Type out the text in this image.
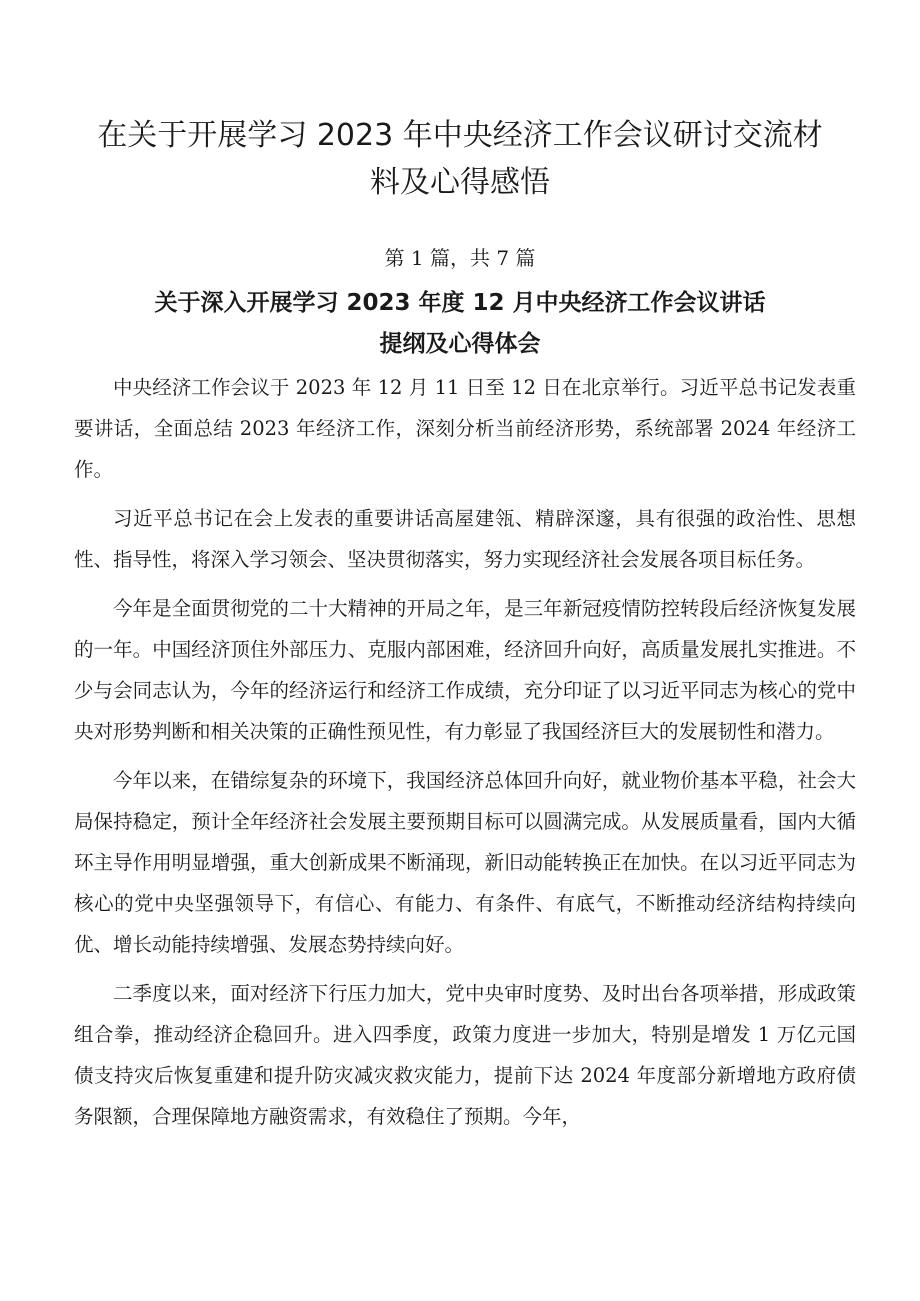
在关于开展学习 2023 年中央经济工作会议研讨交流材
料及心得感悟
第 1 篇，共 7 篇
关于深入开展学习 2023 年度 12 月中央经济工作会议讲话
提纲及心得体会

中央经济工作会议于 2023 年 12 月 11 日至 12 日在北京举行。习近平总书记发表重要讲话，全面总结 2023 年经济工作，深刻分析当前经济形势，系统部署 2024 年经济工作。

习近平总书记在会上发表的重要讲话高屋建瓴、精辟深邃，具有很强的政治性、思想性、指导性，将深入学习领会、坚决贯彻落实，努力实现经济社会发展各项目标任务。

今年是全面贯彻党的二十大精神的开局之年，是三年新冠疫情防控转段后经济恢复发展的一年。中国经济顶住外部压力、克服内部困难，经济回升向好，高质量发展扎实推进。不少与会同志认为，今年的经济运行和经济工作成绩，充分印证了以习近平同志为核心的党中央对形势判断和相关决策的正确性预见性，有力彰显了我国经济巨大的发展韧性和潜力。

今年以来，在错综复杂的环境下，我国经济总体回升向好，就业物价基本平稳，社会大局保持稳定，预计全年经济社会发展主要预期目标可以圆满完成。从发展质量看，国内大循环主导作用明显增强，重大创新成果不断涌现，新旧动能转换正在加快。在以习近平同志为核心的党中央坚强领导下，有信心、有能力、有条件、有底气，不断推动经济结构持续向优、增长动能持续增强、发展态势持续向好。

二季度以来，面对经济下行压力加大，党中央审时度势、及时出台各项举措，形成政策组合拳，推动经济企稳回升。进入四季度，政策力度进一步加大，特别是增发 1 万亿元国债支持灾后恢复重建和提升防灾减灾救灾能力，提前下达 2024 年度部分新增地方政府债务限额，合理保障地方融资需求，有效稳住了预期。今年，
